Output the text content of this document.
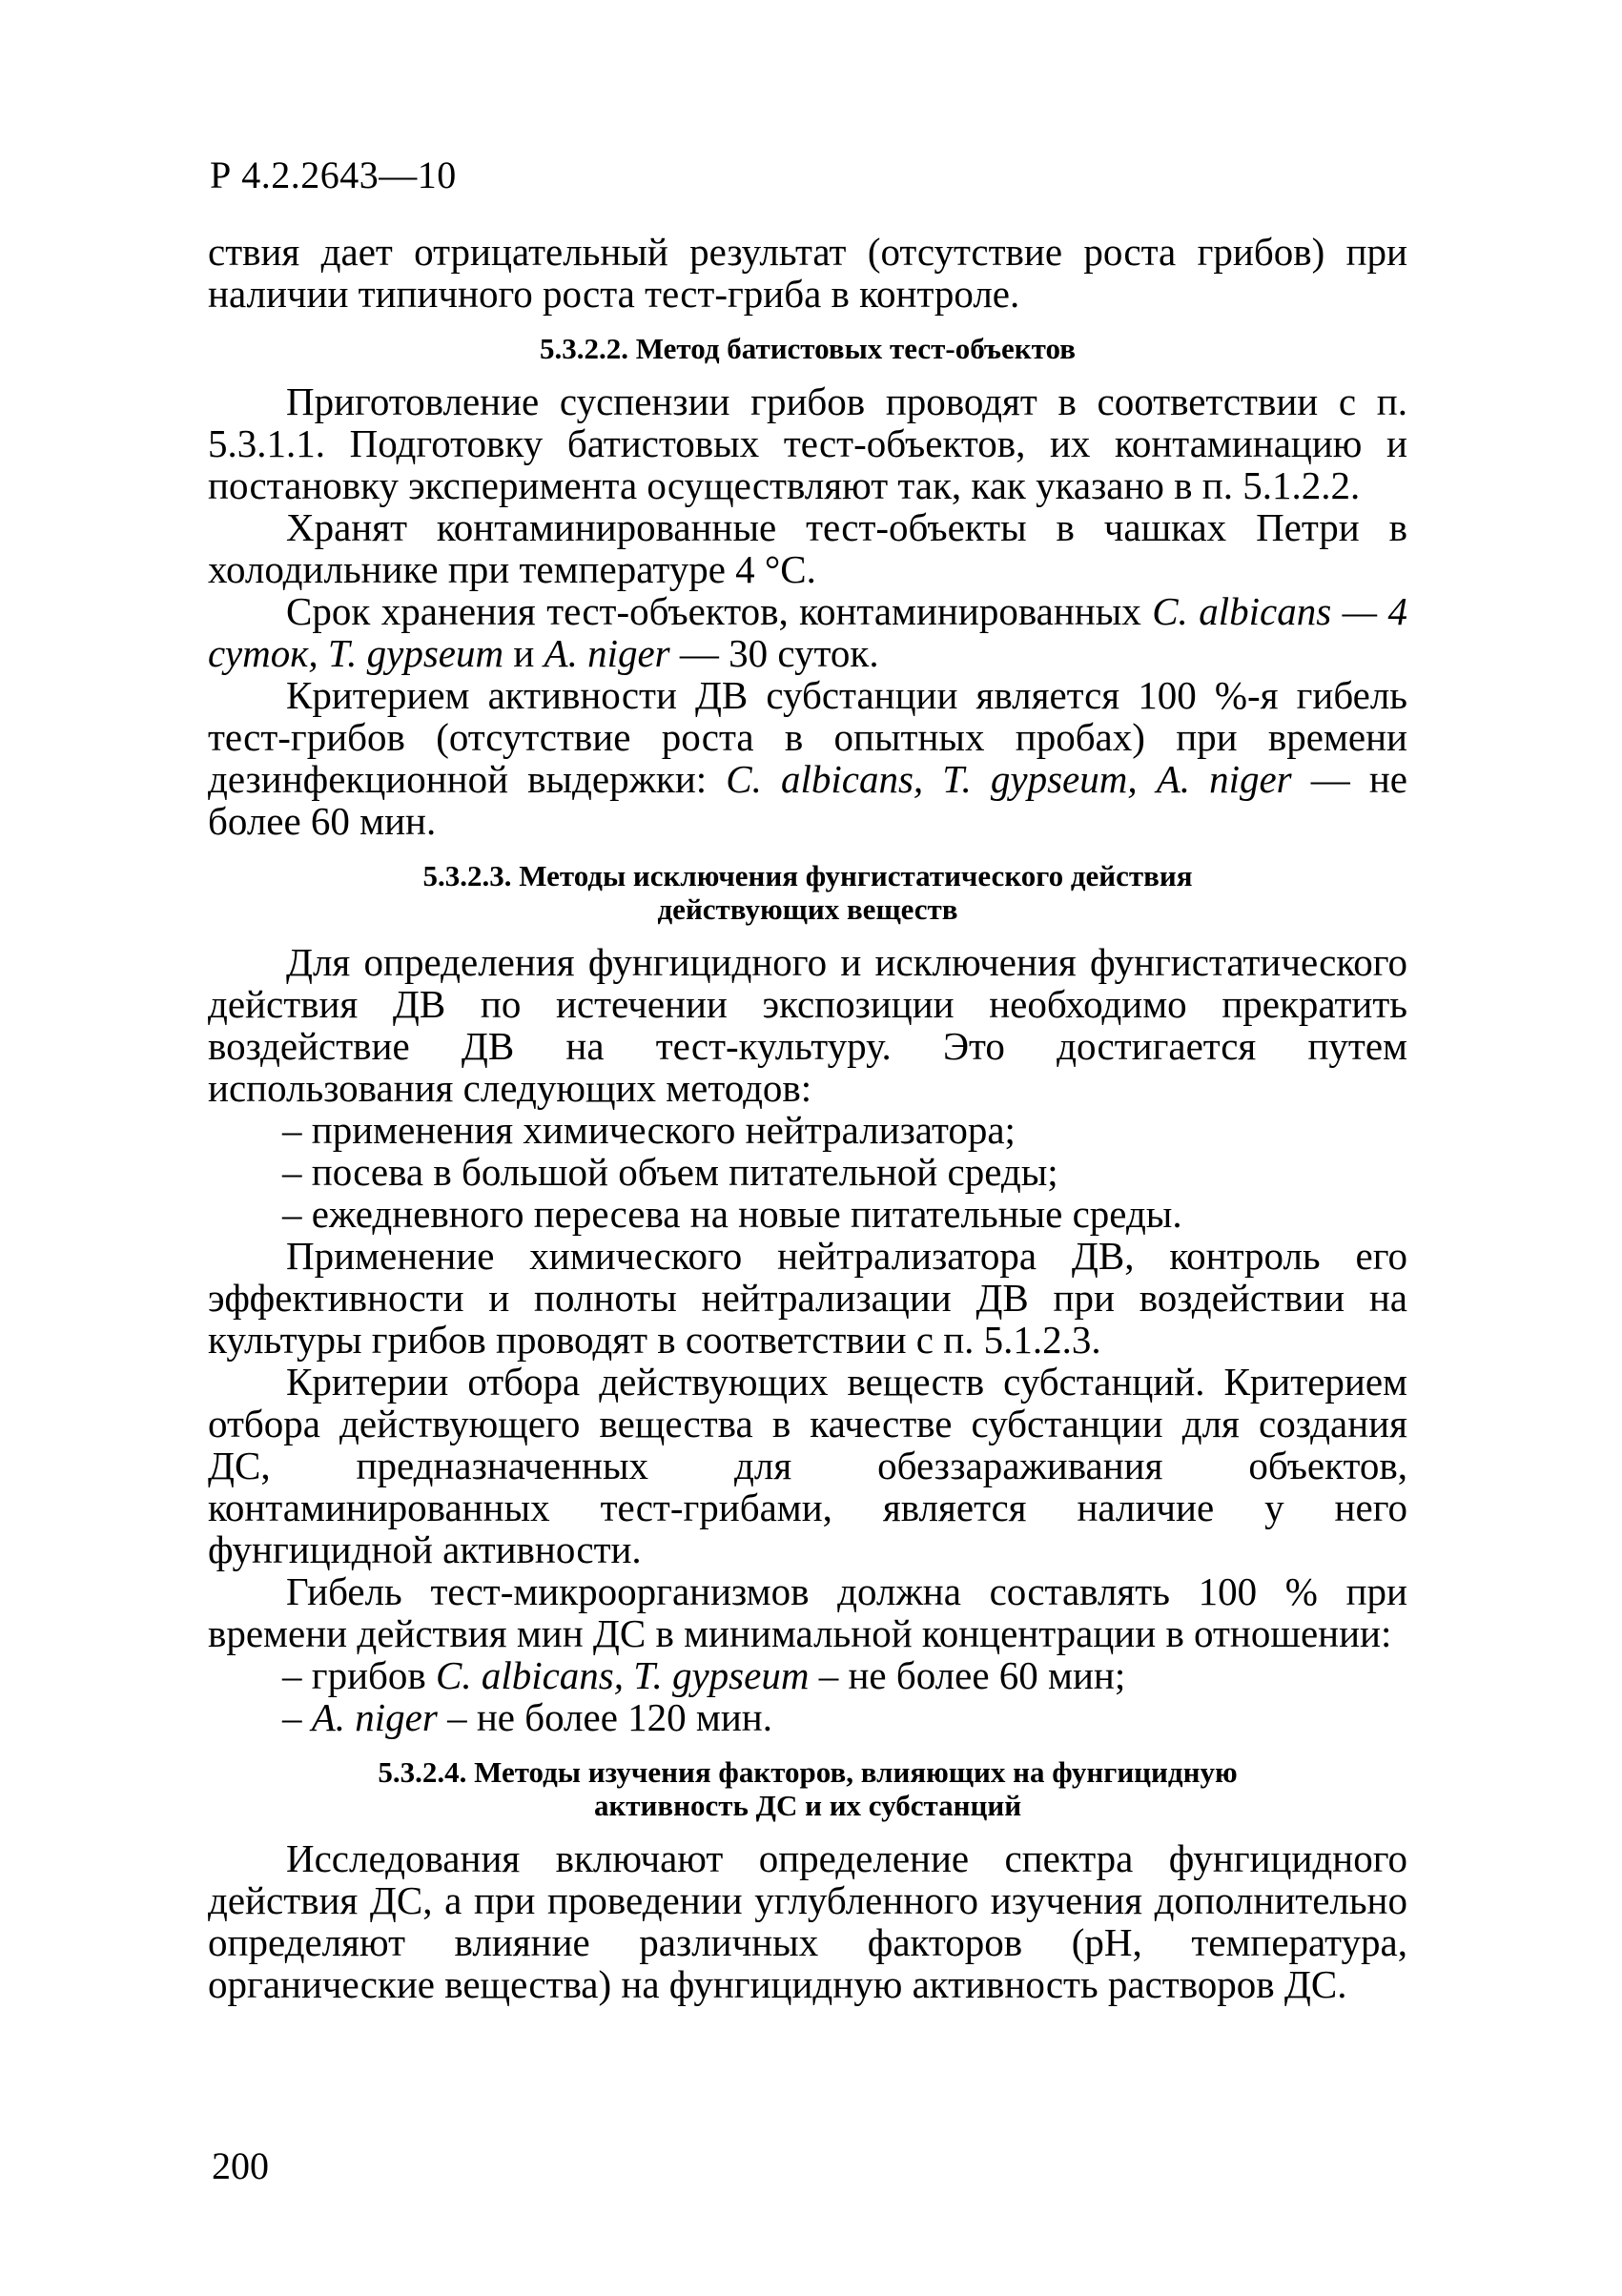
Р 4.2.2643—10

ствия дает отрицательный результат (отсутствие роста грибов) при наличии типичного роста тест-гриба в контроле.

5.3.2.2. Метод батистовых тест-объектов

Приготовление суспензии грибов проводят в соответствии с п. 5.3.1.1. Подготовку батистовых тест-объектов, их контаминацию и постановку эксперимента осуществляют так, как указано в п. 5.1.2.2.

Хранят контаминированные тест-объекты в чашках Петри в холодильнике при температуре 4 °С.

Срок хранения тест-объектов, контаминированных С. albicans — 4 суток, Т. gypseum и А. niger — 30 суток.

Критерием активности ДВ субстанции является 100 %-я гибель тест-грибов (отсутствие роста в опытных пробах) при времени дезинфекционной выдержки: С. albicans, Т. gypseum, А. niger — не более 60 мин.

5.3.2.3. Методы исключения фунгистатического действия
действующих веществ

Для определения фунгицидного и исключения фунгистатического действия ДВ по истечении экспозиции необходимо прекратить воздействие ДВ на тест-культуру. Это достигается путем использования следующих методов:

– применения химического нейтрализатора;

– посева в большой объем питательной среды;

– ежедневного пересева на новые питательные среды.

Применение химического нейтрализатора ДВ, контроль его эффективности и полноты нейтрализации ДВ при воздействии на культуры грибов проводят в соответствии с п. 5.1.2.3.

Критерии отбора действующих веществ субстанций. Критерием отбора действующего вещества в качестве субстанции для создания ДС, предназначенных для обеззараживания объектов, контаминированных тест-грибами, является наличие у него фунгицидной активности.

Гибель тест-микроорганизмов должна составлять 100 % при времени действия мин ДС в минимальной концентрации в отношении:

– грибов С. albicans, Т. gypseum – не более 60 мин;

– А. niger – не более 120 мин.

5.3.2.4. Методы изучения факторов, влияющих на фунгицидную
активность ДС и их субстанций

Исследования включают определение спектра фунгицидного действия ДС, а при проведении углубленного изучения дополнительно определяют влияние различных факторов (рН, температура, органические вещества) на фунгицидную активность растворов ДС.

200
